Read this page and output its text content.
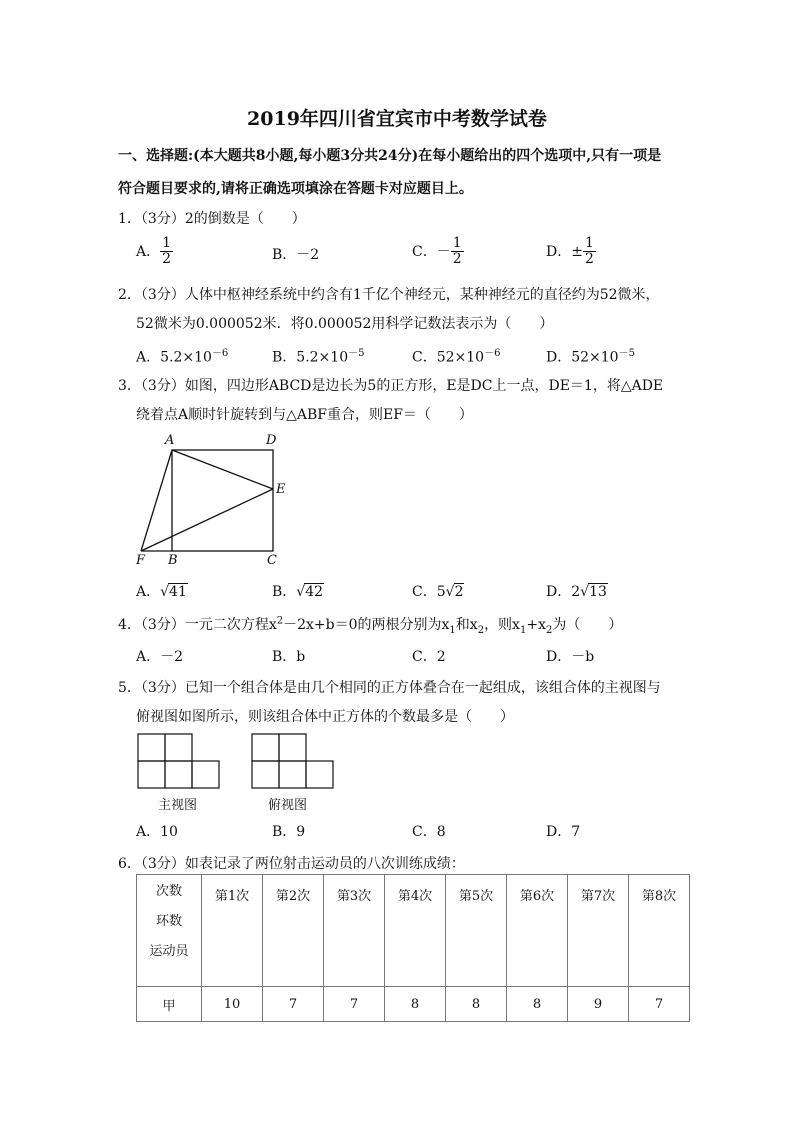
2019年四川省宜宾市中考数学试卷
一、选择题:(本大题共8小题,每小题3分共24分)在每小题给出的四个选项中,只有一项是
符合题目要求的,请将正确选项填涂在答题卡对应题目上。
1．（3分）2的倒数是（　　）
A． $\frac{1}{2}$	B．－2	C．－ $\frac{1}{2}$	D．± $\frac{1}{2}$
2．（3分）人体中枢神经系统中约含有1千亿个神经元，某种神经元的直径约为52微米，
52微米为0.000052米．将0.000052用科学记数法表示为（　　）
A．$5.2\times 10^{-6}$	B．$5.2\times 10^{-5}$	C．$52\times 10^{-6}$	D．$52\times 10^{-5}$
3．（3分）如图，四边形ABCD是边长为5的正方形，E是DC上一点，DE＝1，将△ADE
绕着点A顺时针旋转到与△ABF重合，则EF＝（　　）
A	D
E
F B	C
A．√41	B．√42	C．5√2	D．2√13
4．（3分）一元二次方程$x^2-2x+b=0$的两根分别为$x_1$和$x_2$，则$x_1+x_2$为（　　）
A．－2	B．b	C．2	D．－b
5．（3分）已知一个组合体是由几个相同的正方体叠合在一起组成，该组合体的主视图与
俯视图如图所示，则该组合体中正方体的个数最多是（　　）
主视图	俯视图
A．10	B．9	C．8	D．7
6．（3分）如表记录了两位射击运动员的八次训练成绩：
次数
环数
运动员	第1次	第2次	第3次	第4次	第5次	第6次	第7次	第8次
甲	10	7	7	8	8	8	9	7
